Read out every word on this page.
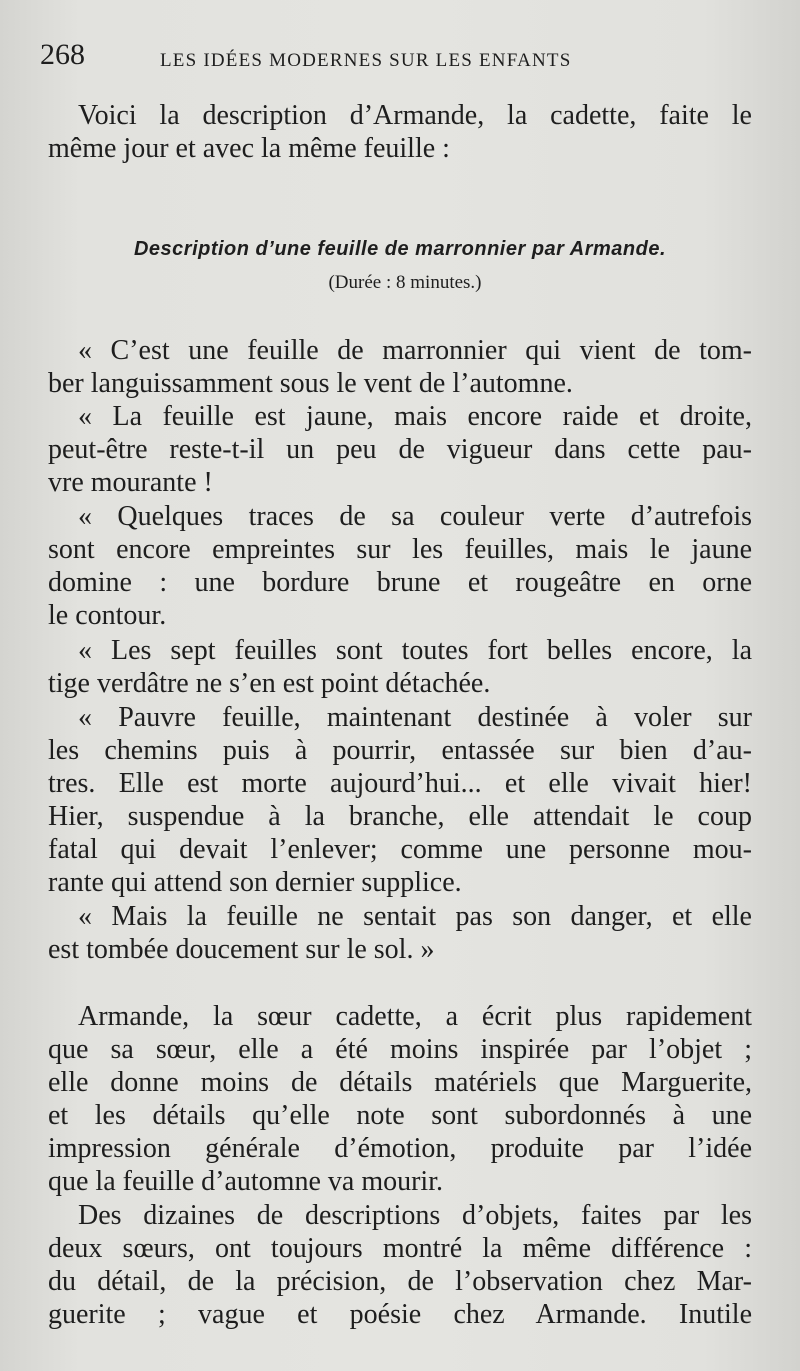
268	LES IDÉES MODERNES SUR LES ENFANTS
Voici la description d’Armande, la cadette, faite le
même jour et avec la même feuille :
Description d’une feuille de marronnier par Armande.
(Durée : 8 minutes.)
« C’est une feuille de marronnier qui vient de tom-
ber languissamment sous le vent de l’automne.
« La feuille est jaune, mais encore raide et droite,
peut-être reste-t-il un peu de vigueur dans cette pau-
vre mourante !
« Quelques traces de sa couleur verte d’autrefois
sont encore empreintes sur les feuilles, mais le jaune
domine : une bordure brune et rougeâtre en orne
le contour.
« Les sept feuilles sont toutes fort belles encore, la
tige verdâtre ne s’en est point détachée.
« Pauvre feuille, maintenant destinée à voler sur
les chemins puis à pourrir, entassée sur bien d’au-
tres. Elle est morte aujourd’hui... et elle vivait hier!
Hier, suspendue à la branche, elle attendait le coup
fatal qui devait l’enlever; comme une personne mou-
rante qui attend son dernier supplice.
« Mais la feuille ne sentait pas son danger, et elle
est tombée doucement sur le sol. »
Armande, la sœur cadette, a écrit plus rapidement
que sa sœur, elle a été moins inspirée par l’objet ;
elle donne moins de détails matériels que Marguerite,
et les détails qu’elle note sont subordonnés à une
impression générale d’émotion, produite par l’idée
que la feuille d’automne va mourir.
Des dizaines de descriptions d’objets, faites par les
deux sœurs, ont toujours montré la même différence :
du détail, de la précision, de l’observation chez Mar-
guerite ; vague et poésie chez Armande. Inutile
